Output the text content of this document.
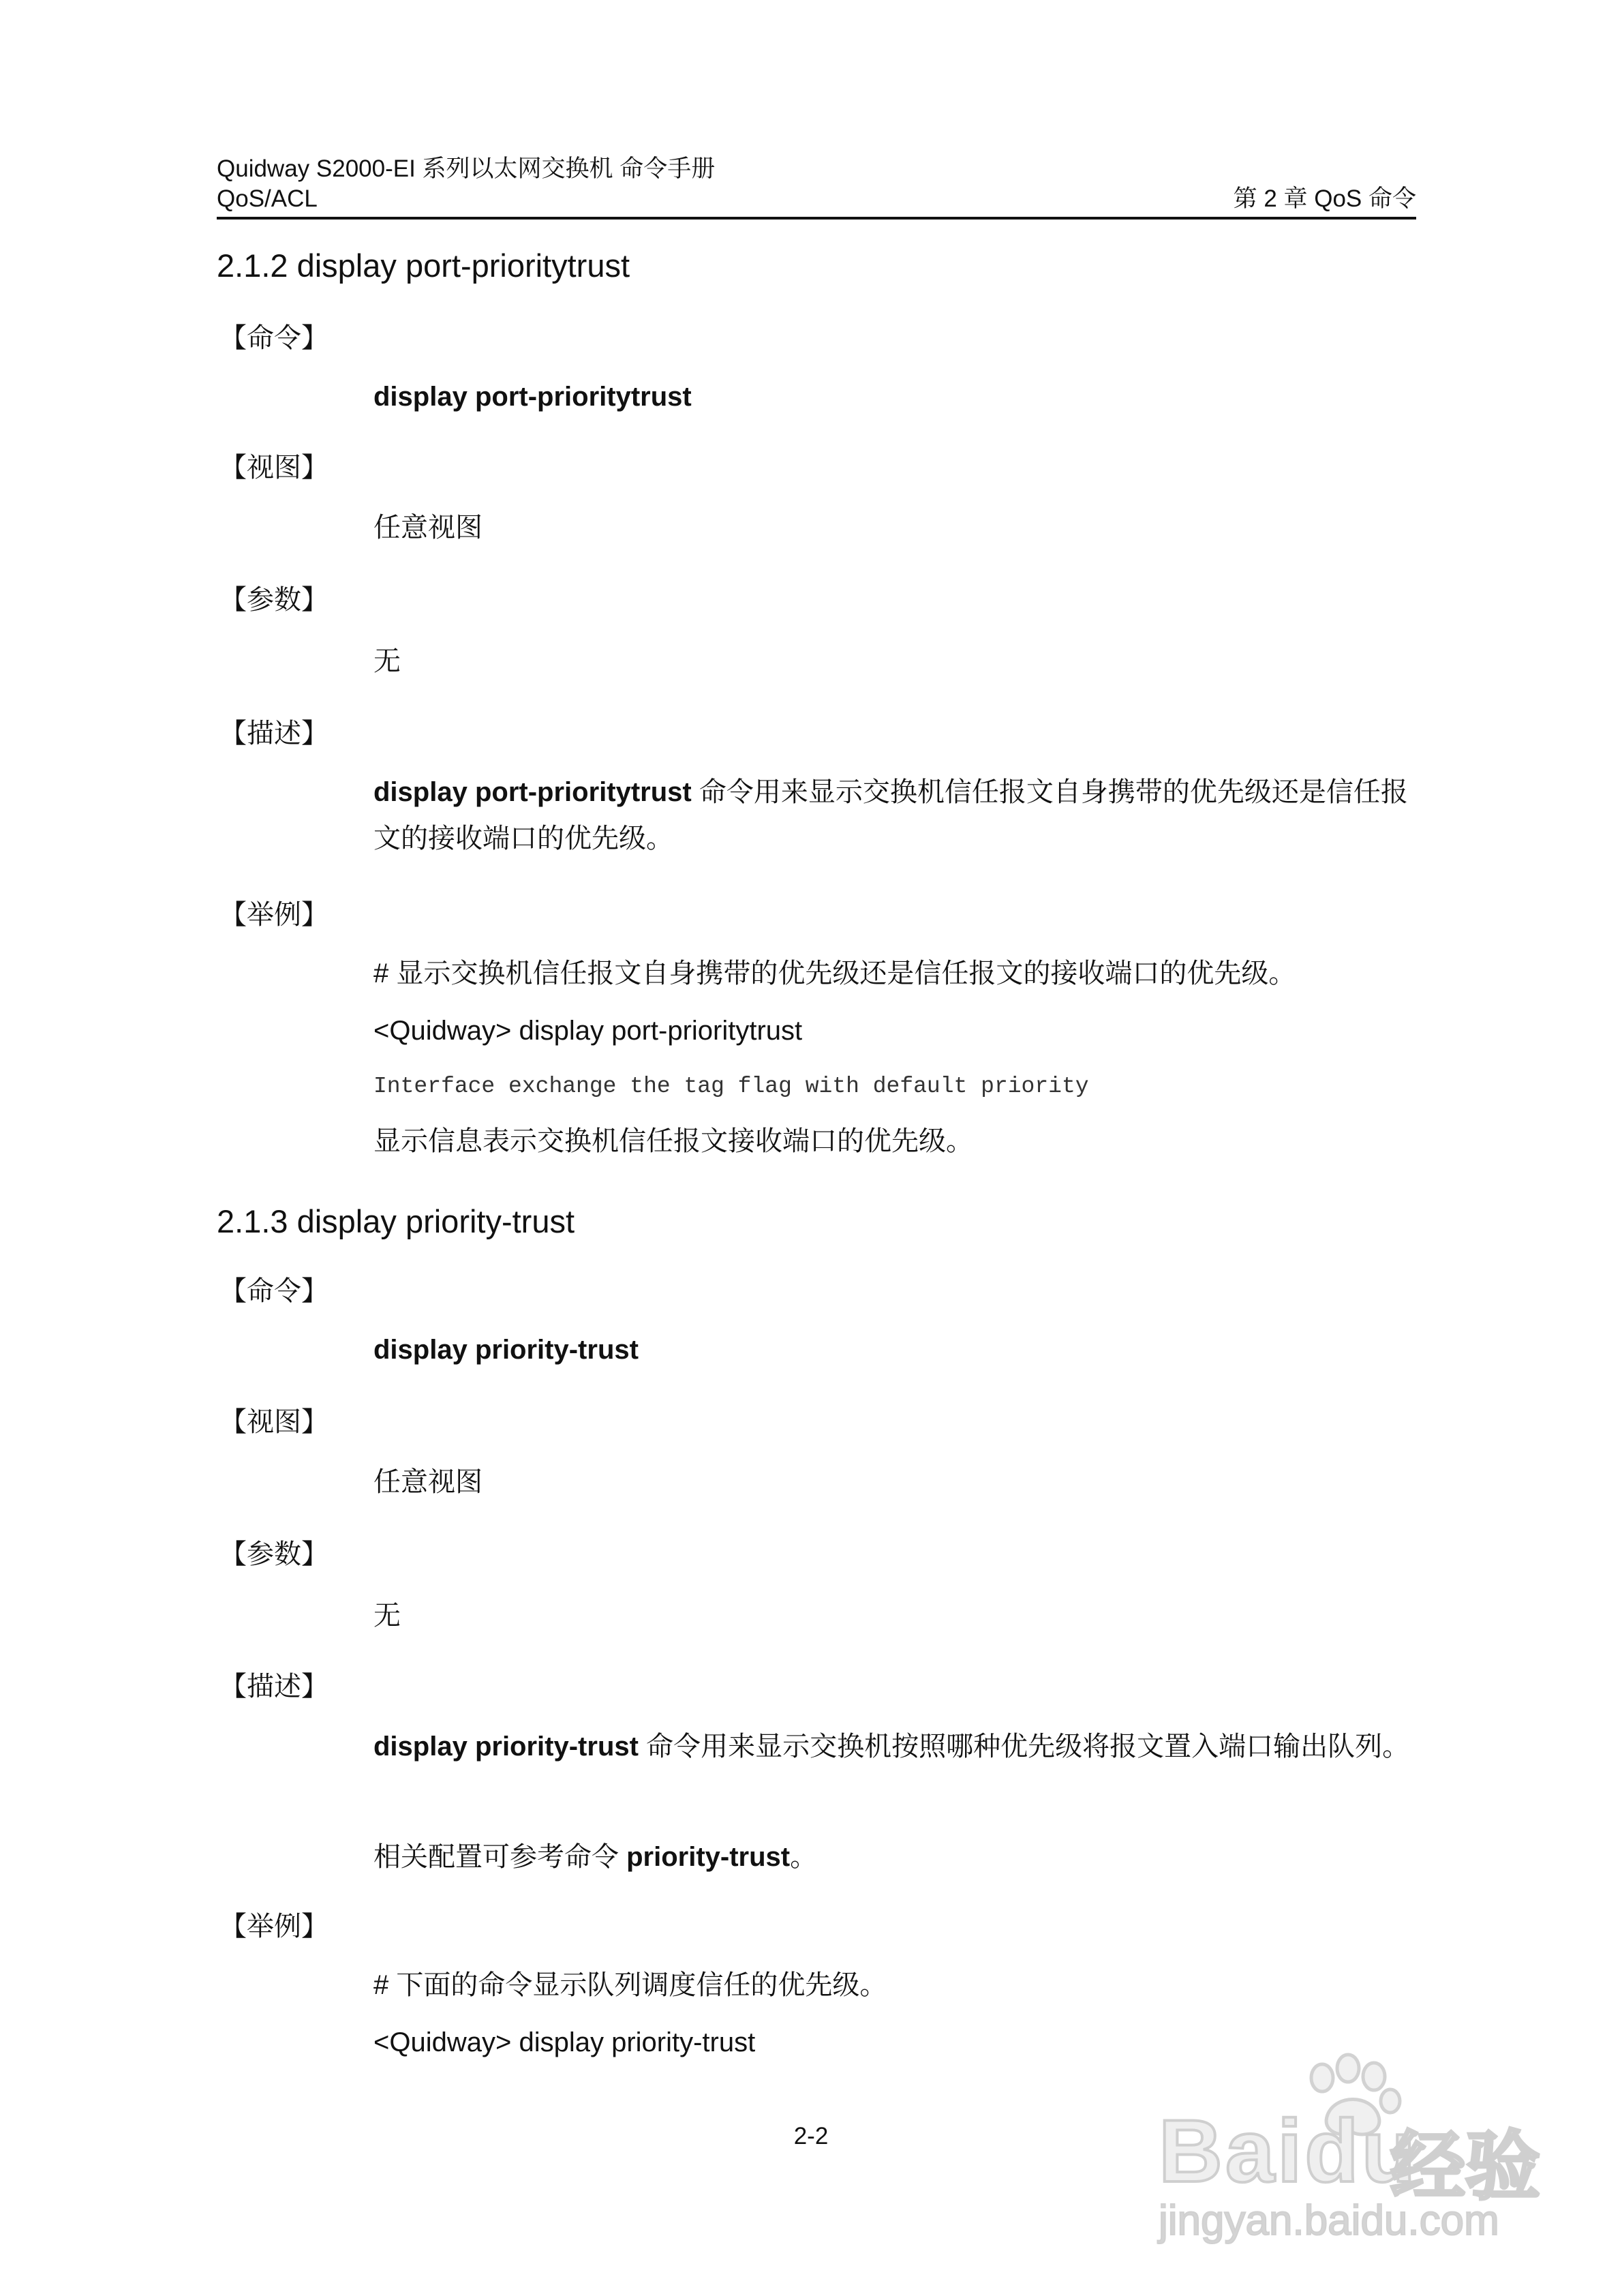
Quidway S2000-EI 系列以太网交换机 命令手册
QoS/ACL	第 2 章 QoS 命令
2.1.2 display port-prioritytrust
【命令】
display port-prioritytrust
【视图】
任意视图
【参数】
无
【描述】
display port-prioritytrust 命令用来显示交换机信任报文自身携带的优先级还是信任报文的接收端口的优先级。
【举例】
# 显示交换机信任报文自身携带的优先级还是信任报文的接收端口的优先级。
<Quidway> display port-prioritytrust
Interface exchange the tag flag with default priority
显示信息表示交换机信任报文接收端口的优先级。
2.1.3 display priority-trust
【命令】
display priority-trust
【视图】
任意视图
【参数】
无
【描述】
display priority-trust 命令用来显示交换机按照哪种优先级将报文置入端口输出队列。
相关配置可参考命令 priority-trust。
【举例】
# 下面的命令显示队列调度信任的优先级。
<Quidway> display priority-trust
2-2	Baidu
经验
jingyan.baidu.com
